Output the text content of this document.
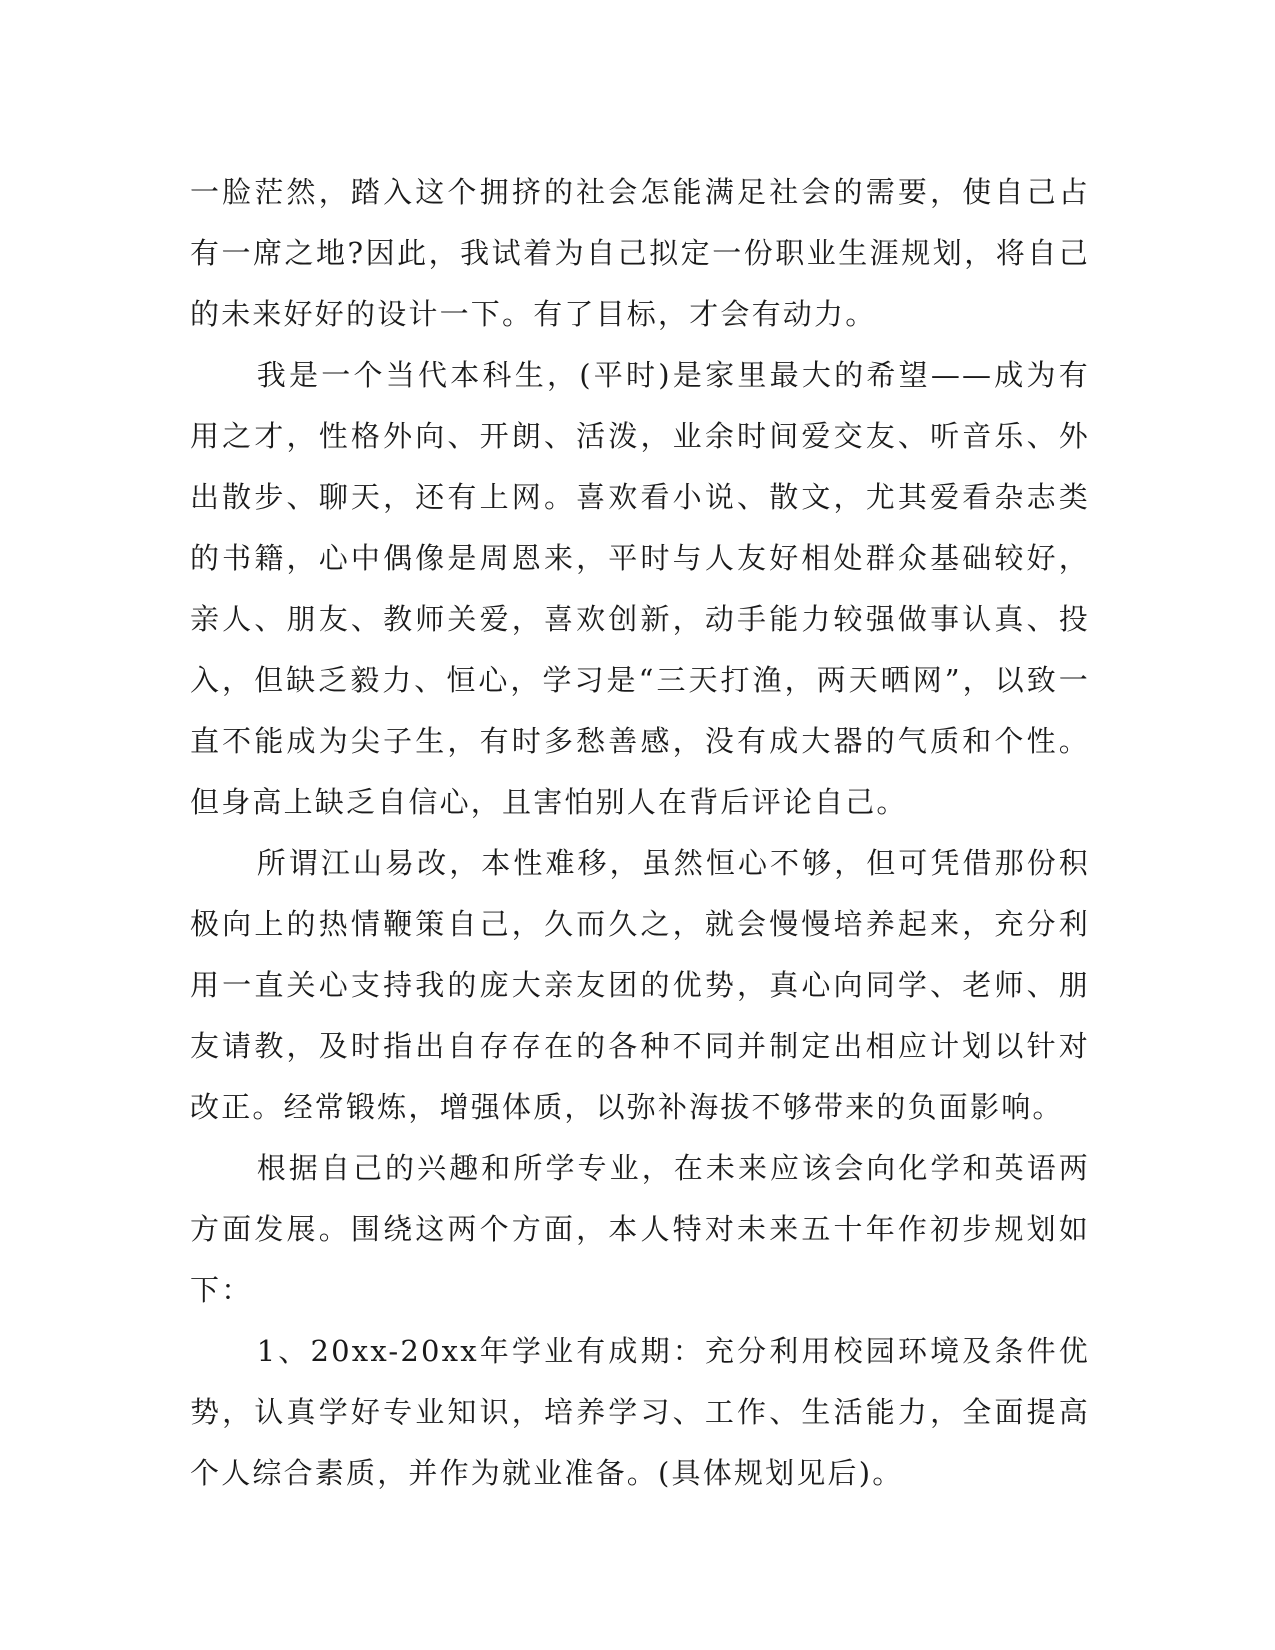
一脸茫然，踏入这个拥挤的社会怎能满足社会的需要，使自己占有一席之地?因此，我试着为自己拟定一份职业生涯规划，将自己的未来好好的设计一下。有了目标，才会有动力。

我是一个当代本科生，(平时)是家里最大的希望——成为有用之才，性格外向、开朗、活泼，业余时间爱交友、听音乐、外出散步、聊天，还有上网。喜欢看小说、散文，尤其爱看杂志类的书籍，心中偶像是周恩来，平时与人友好相处群众基础较好，亲人、朋友、教师关爱，喜欢创新，动手能力较强做事认真、投入，但缺乏毅力、恒心，学习是“三天打渔，两天晒网”，以致一直不能成为尖子生，有时多愁善感，没有成大器的气质和个性。但身高上缺乏自信心，且害怕别人在背后评论自己。

所谓江山易改，本性难移，虽然恒心不够，但可凭借那份积极向上的热情鞭策自己，久而久之，就会慢慢培养起来，充分利用一直关心支持我的庞大亲友团的优势，真心向同学、老师、朋友请教，及时指出自存存在的各种不同并制定出相应计划以针对改正。经常锻炼，增强体质，以弥补海拔不够带来的负面影响。

根据自己的兴趣和所学专业，在未来应该会向化学和英语两方面发展。围绕这两个方面，本人特对未来五十年作初步规划如下：

1、20xx-20xx年学业有成期：充分利用校园环境及条件优势，认真学好专业知识，培养学习、工作、生活能力，全面提高个人综合素质，并作为就业准备。(具体规划见后)。
